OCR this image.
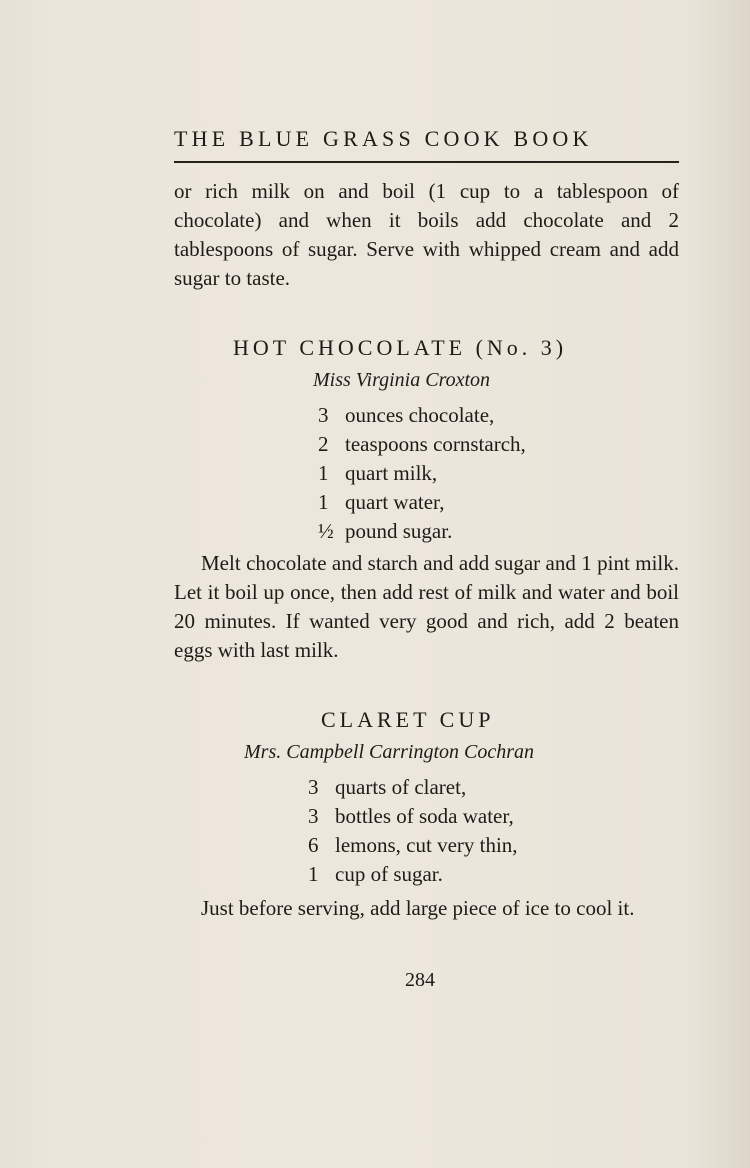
THE BLUE GRASS COOK BOOK

or rich milk on and boil (1 cup to a tablespoon of chocolate) and when it boils add chocolate and 2 tablespoons of sugar. Serve with whipped cream and add sugar to taste.

HOT CHOCOLATE (No. 3)
Miss Virginia Croxton
3 ounces chocolate,
2 teaspoons cornstarch,
1 quart milk,
1 quart water,
½ pound sugar.

Melt chocolate and starch and add sugar and 1 pint milk. Let it boil up once, then add rest of milk and water and boil 20 minutes. If wanted very good and rich, add 2 beaten eggs with last milk.

CLARET CUP
Mrs. Campbell Carrington Cochran
3 quarts of claret,
3 bottles of soda water,
6 lemons, cut very thin,
1 cup of sugar.

Just before serving, add large piece of ice to cool it.

284
